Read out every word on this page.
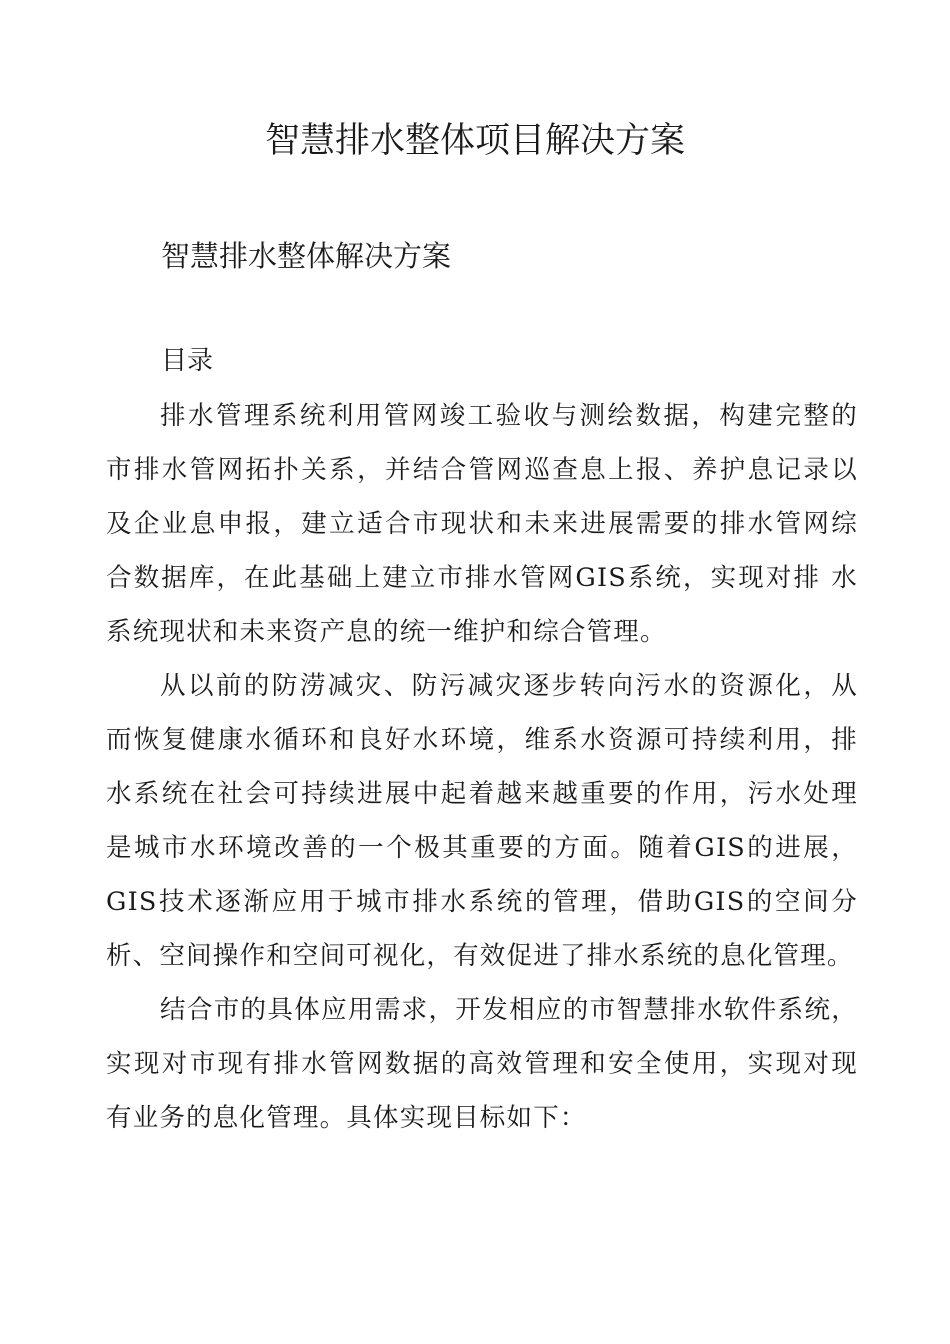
智慧排水整体项目解决方案
智慧排水整体解决方案
目录

排水管理系统利用管网竣工验收与测绘数据，构建完整的 市排水管网拓扑关系，并结合管网巡查息上报、养护息记录以 及企业息申报，建立适合市现状和未来进展需要的排水管网综 合数据库，在此基础上建立市排水管网GIS系统，实现对排 水系统现状和未来资产息的统一维护和综合管理。

从以前的防涝减灾、防污减灾逐步转向污水的资源化，从 而恢复健康水循环和良好水环境，维系水资源可持续利用，排 水系统在社会可持续进展中起着越来越重要的作用，污水处理 是城市水环境改善的一个极其重要的方面。随着GIS的进展， GIS技术逐渐应用于城市排水系统的管理，借助GIS的空间分 析、空间操作和空间可视化，有效促进了排水系统的息化管理。

结合市的具体应用需求，开发相应的市智慧排水软件系统，实现对市现有排水管网数据的高效管理和安全使用，实现对现 有业务的息化管理。具体实现目标如下：
